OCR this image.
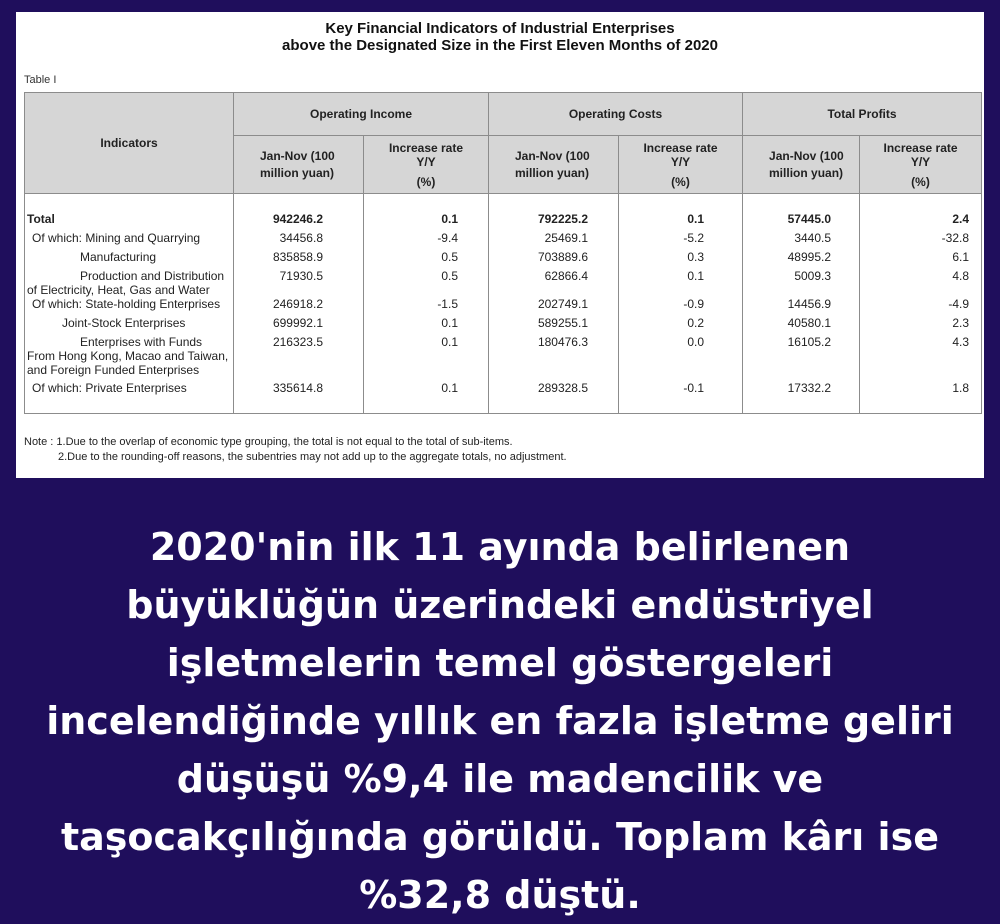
Key Financial Indicators of Industrial Enterprises
above the Designated Size in the First Eleven Months of 2020
Table I
Indicators	Operating Income		Operating Costs		Total Profits	
	Jan-Nov (100
million yuan)	Increase rate
Y/Y
(%)	Jan-Nov (100
million yuan)	Increase rate
Y/Y
(%)	Jan-Nov (100
million yuan)	Increase rate
Y/Y
(%)

Total	942246.2	0.1	792225.2	0.1	57445.0	2.4
Of which: Mining and Quarrying	34456.8	-9.4	25469.1	-5.2	3440.5	-32.8
Manufacturing	835858.9	0.5	703889.6	0.3	48995.2	6.1
Production and Distribution
of Electricity, Heat, Gas and Water	71930.5	0.5	62866.4	0.1	5009.3	4.8
Of which: State-holding Enterprises	246918.2	-1.5	202749.1	-0.9	14456.9	-4.9
Joint-Stock Enterprises	699992.1	0.1	589255.1	0.2	40580.1	2.3
Enterprises with Funds
From Hong Kong, Macao and Taiwan,
and Foreign Funded Enterprises	216323.5	0.1	180476.3	0.0	16105.2	4.3
Of which: Private Enterprises	335614.8	0.1	289328.5	-0.1	17332.2	1.8
Note : 1.Due to the overlap of economic type grouping, the total is not equal to the total of sub-items.
2.Due to the rounding-off reasons, the subentries may not add up to the aggregate totals, no adjustment.
2020'nin ilk 11 ayında belirlenen büyüklüğün üzerindeki endüstriyel işletmelerin temel göstergeleri incelendiğinde yıllık en fazla işletme geliri düşüşü %9,4 ile madencilik ve taşocakçılığında görüldü. Toplam kârı ise %32,8 düştü.
